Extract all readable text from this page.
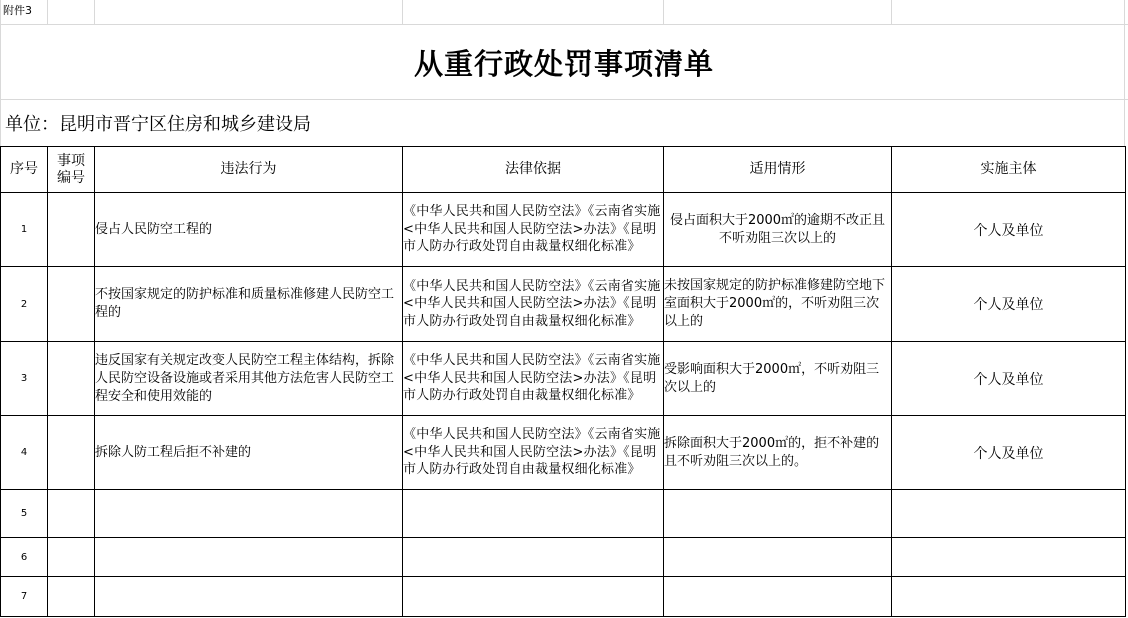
附件3
从重行政处罚事项清单
单位：昆明市晋宁区住房和城乡建设局
序号	事项编号	违法行为	法律依据	适用情形	实施主体
1		侵占人民防空工程的	《中华人民共和国人民防空法》《云南省实施<中华人民共和国人民防空法>办法》《昆明市人防办行政处罚自由裁量权细化标准》	侵占面积大于2000㎡的逾期不改正且不听劝阻三次以上的	个人及单位
2		不按国家规定的防护标准和质量标准修建人民防空工程的	《中华人民共和国人民防空法》《云南省实施<中华人民共和国人民防空法>办法》《昆明市人防办行政处罚自由裁量权细化标准》	未按国家规定的防护标准修建防空地下室面积大于2000㎡的，不听劝阻三次以上的	个人及单位
3		违反国家有关规定改变人民防空工程主体结构，拆除人民防空设备设施或者采用其他方法危害人民防空工程安全和使用效能的	《中华人民共和国人民防空法》《云南省实施<中华人民共和国人民防空法>办法》《昆明市人防办行政处罚自由裁量权细化标准》	受影响面积大于2000㎡，不听劝阻三次以上的	个人及单位
4		拆除人防工程后拒不补建的	《中华人民共和国人民防空法》《云南省实施<中华人民共和国人民防空法>办法》《昆明市人防办行政处罚自由裁量权细化标准》	拆除面积大于2000㎡的，拒不补建的且不听劝阻三次以上的。	个人及单位
5					
6					
7					
